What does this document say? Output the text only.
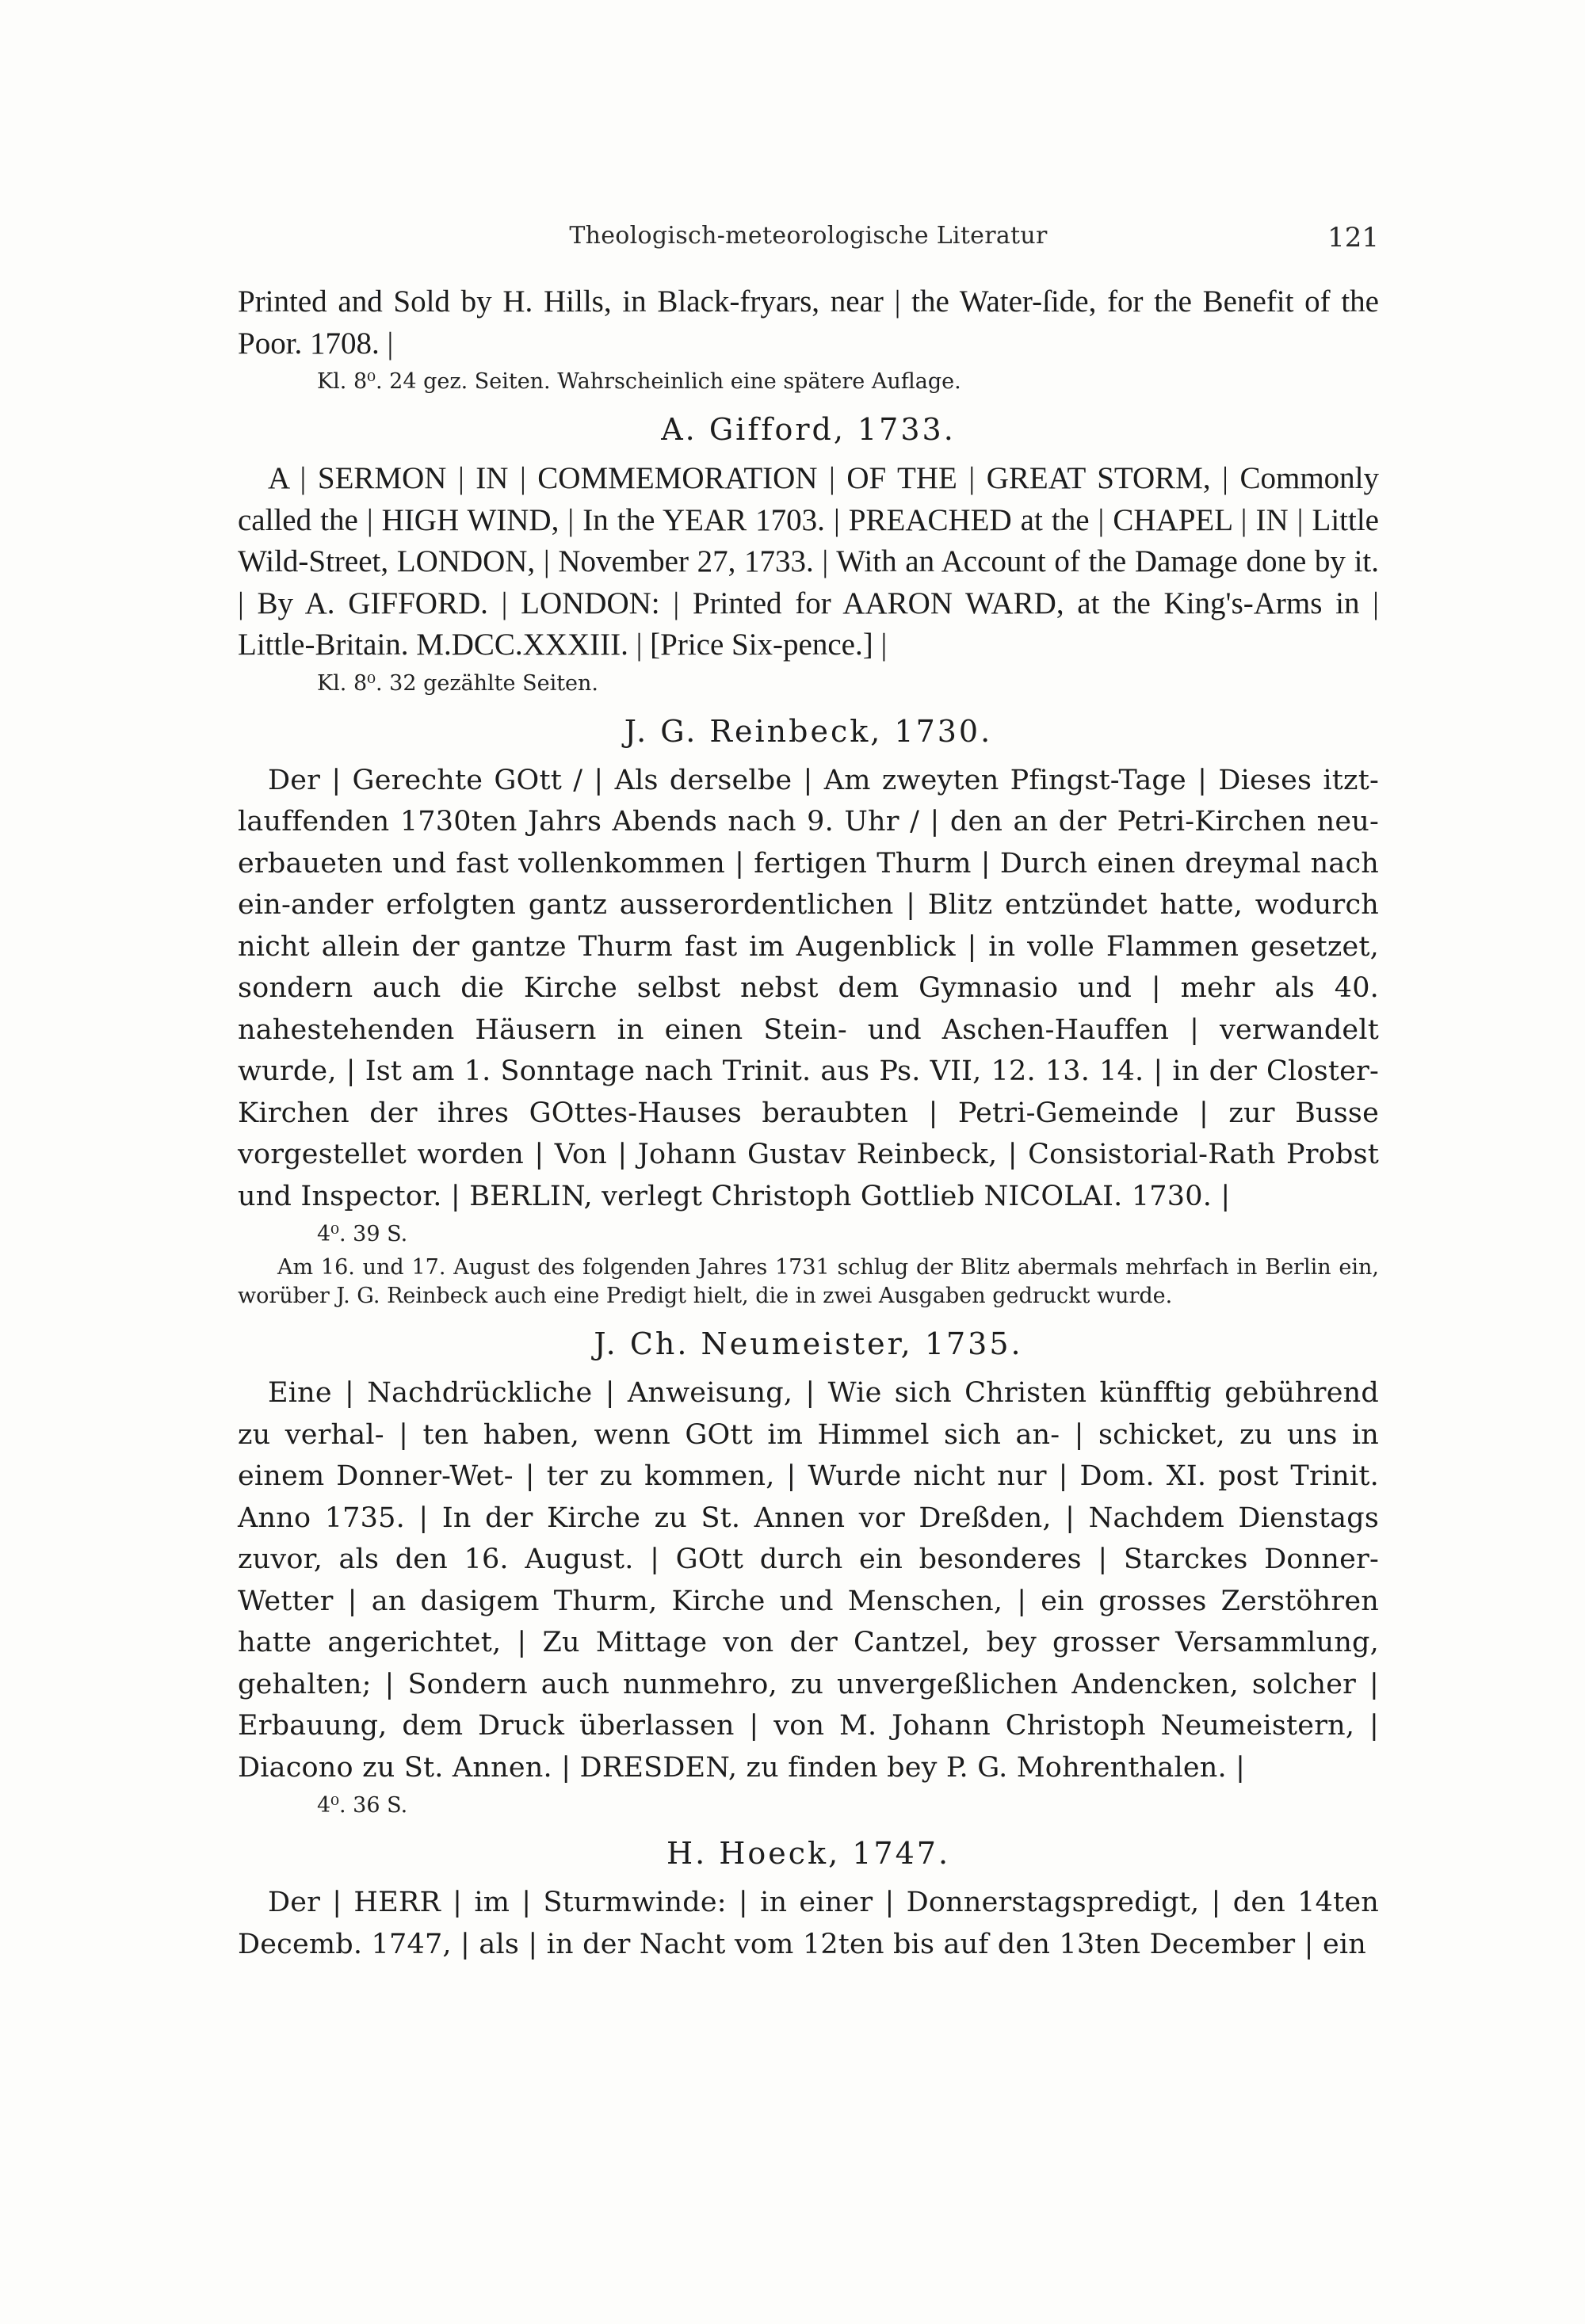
Theologisch-meteorologische Literatur	121

Printed and Sold by H. Hills, in Black-fryars, near | the Water-ſide, for the Benefit of the Poor. 1708. |

Kl. 8⁰. 24 gez. Seiten. Wahrscheinlich eine spätere Auflage.
A. Gifford, 1733.

A | SERMON | IN | COMMEMORATION | OF THE | GREAT STORM, | Commonly called the | HIGH WIND, | In the YEAR 1703. | PREACHED at the | CHAPEL | IN | Little Wild-Street, LONDON, | November 27, 1733. | With an Account of the Damage done by it. | By A. GIFFORD. | LONDON: | Printed for AARON WARD, at the King's-Arms in | Little-Britain. M.DCC.XXXIII. | [Price Six-pence.] |

Kl. 8⁰. 32 gezählte Seiten.
J. G. Reinbeck, 1730.

Der | Gerechte GOtt / | Als derselbe | Am zweyten Pfingst-Tage | Dieses itzt-lauffenden 1730ten Jahrs Abends nach 9. Uhr / | den an der Petri-Kirchen neu-erbaueten und fast vollenkommen | fertigen Thurm | Durch einen dreymal nach ein-ander erfolgten gantz ausserordentlichen | Blitz entzündet hatte, wodurch nicht allein der gantze Thurm fast im Augenblick | in volle Flammen gesetzet, sondern auch die Kirche selbst nebst dem Gymnasio und | mehr als 40. nahestehenden Häusern in einen Stein- und Aschen-Hauffen | verwandelt wurde, | Ist am 1. Sonntage nach Trinit. aus Ps. VII, 12. 13. 14. | in der Closter-Kirchen der ihres GOttes-Hauses beraubten | Petri-Gemeinde | zur Busse vorgestellet worden | Von | Johann Gustav Reinbeck, | Consistorial-Rath Probst und Inspector. | BERLIN, verlegt Christoph Gottlieb NICOLAI. 1730. |

4⁰. 39 S.
Am 16. und 17. August des folgenden Jahres 1731 schlug der Blitz abermals mehrfach in Berlin ein, worüber J. G. Reinbeck auch eine Predigt hielt, die in zwei Ausgaben gedruckt wurde.
J. Ch. Neumeister, 1735.

Eine | Nachdrückliche | Anweisung, | Wie sich Christen künfftig gebührend zu verhal- | ten haben, wenn GOtt im Himmel sich an- | schicket, zu uns in einem Donner-Wet- | ter zu kommen, | Wurde nicht nur | Dom. XI. post Trinit. Anno 1735. | In der Kirche zu St. Annen vor Dreßden, | Nachdem Dienstags zuvor, als den 16. August. | GOtt durch ein besonderes | Starckes Donner-Wetter | an dasigem Thurm, Kirche und Menschen, | ein grosses Zerstöhren hatte angerichtet, | Zu Mittage von der Cantzel, bey grosser Versammlung, gehalten; | Sondern auch nunmehro, zu unvergeßlichen Andencken, solcher | Erbauung, dem Druck überlassen | von M. Johann Christoph Neumeistern, | Diacono zu St. Annen. | DRESDEN, zu finden bey P. G. Mohrenthalen. |

4⁰. 36 S.
H. Hoeck, 1747.

Der | HERR | im | Sturmwinde: | in einer | Donnerstagspredigt, | den 14ten Decemb. 1747, | als | in der Nacht vom 12ten bis auf den 13ten December | ein
